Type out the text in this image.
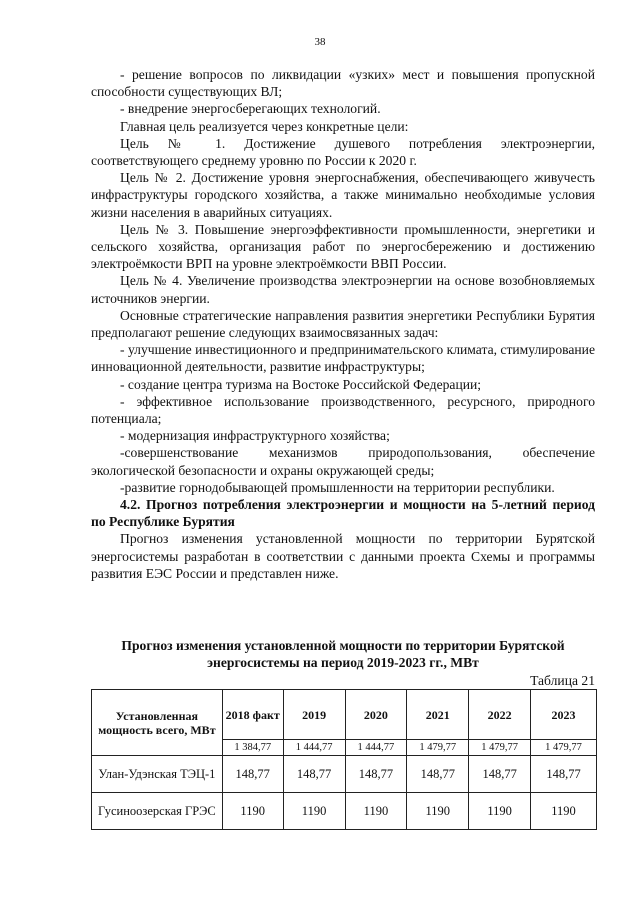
38

- решение вопросов по ликвидации «узких» мест и повышения пропускной способности существующих ВЛ;

- внедрение энергосберегающих технологий.

Главная цель реализуется через конкретные цели:

Цель № 1. Достижение душевого потребления электроэнергии, соответствующего среднему уровню по России к 2020 г.

Цель № 2. Достижение уровня энергоснабжения, обеспечивающего живучесть инфраструктуры городского хозяйства, а также минимально необходимые условия жизни населения в аварийных ситуациях.

Цель № 3. Повышение энергоэффективности промышленности, энергетики и сельского хозяйства, организация работ по энергосбережению и достижению электроёмкости ВРП на уровне электроёмкости ВВП России.

Цель № 4. Увеличение производства электроэнергии на основе возобновляемых источников энергии.

Основные стратегические направления развития энергетики Республики Бурятия предполагают решение следующих взаимосвязанных задач:

- улучшение инвестиционного и предпринимательского климата, стимулирование инновационной деятельности, развитие инфраструктуры;

- создание центра туризма на Востоке Российской Федерации;

- эффективное использование производственного, ресурсного, природного потенциала;

- модернизация инфраструктурного хозяйства;

-совершенствование механизмов природопользования, обеспечение экологической безопасности и охраны окружающей среды;

-развитие горнодобывающей промышленности на территории республики.

4.2. Прогноз потребления электроэнергии и мощности на 5-летний период по Республике Бурятия

Прогноз изменения установленной мощности по территории Бурятской энергосистемы разработан в соответствии с данными проекта Схемы и программы развития ЕЭС России и представлен ниже.

Прогноз изменения установленной мощности по территории Бурятской энергосистемы на период 2019-2023 гг., МВт
Таблица 21
Установленная мощность всего, МВт	2018 факт	2019	2020	2021	2022	2023
	1 384,77	1 444,77	1 444,77	1 479,77	1 479,77	1 479,77
Улан-Удэнская ТЭЦ-1	148,77	148,77	148,77	148,77	148,77	148,77
Гусиноозерская ГРЭС	1190	1190	1190	1190	1190	1190
